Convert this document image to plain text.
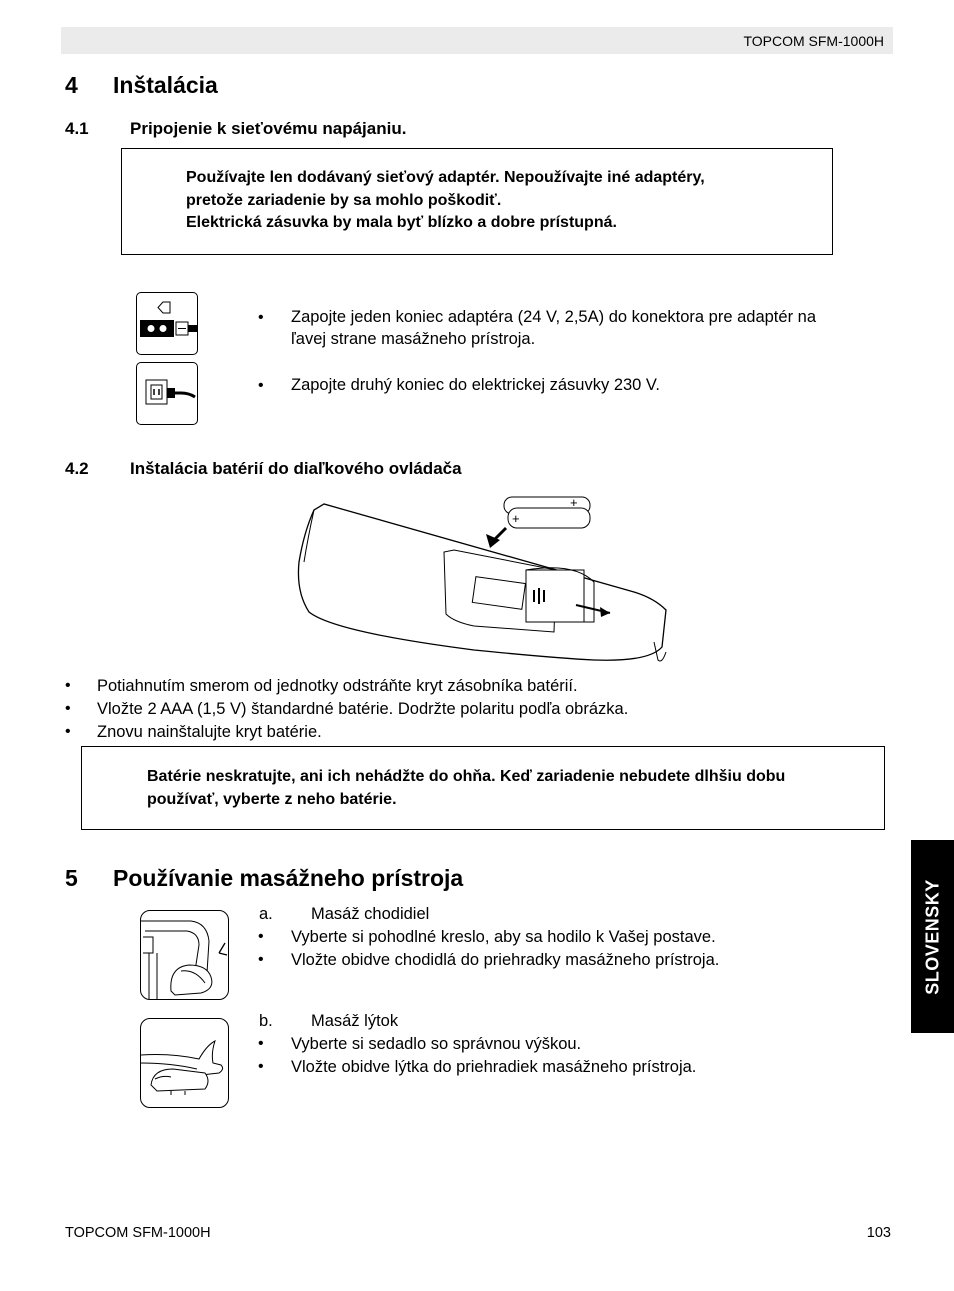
TOPCOM SFM-1000H
4 Inštalácia
4.1 Pripojenie k sieťovému napájaniu.

Používajte len dodávaný sieťový adaptér. Nepoužívajte iné adaptéry,

pretože zariadenie by sa mohlo poškodiť.

Elektrická zásuvka by mala byť blízko a dobre prístupná.

• Zapojte jeden koniec adaptéra (24 V, 2,5A) do konektora pre adaptér na
ľavej strane masážneho prístroja.
• Zapojte druhý koniec do elektrickej zásuvky 230 V.
4.2 Inštalácia batérií do diaľkového ovládača
+
+
• Potiahnutím smerom od jednotky odstráňte kryt zásobníka batérií.
• Vložte 2 AAA (1,5 V) štandardné batérie. Dodržte polaritu podľa obrázka.
• Znovu nainštalujte kryt batérie.

Batérie neskratujte, ani ich nehádžte do ohňa. Keď zariadenie nebudete dlhšiu dobu

používať, vyberte z neho batérie.

5 Používanie masážneho prístroja
a. Masáž chodidiel
• Vyberte si pohodlné kreslo, aby sa hodilo k Vašej postave.
• Vložte obidve chodidlá do priehradky masážneho prístroja.
b. Masáž lýtok
• Vyberte si sedadlo so správnou výškou.
• Vložte obidve lýtka do priehradiek masážneho prístroja.
SLOVENSKY
TOPCOM SFM-1000H	103
